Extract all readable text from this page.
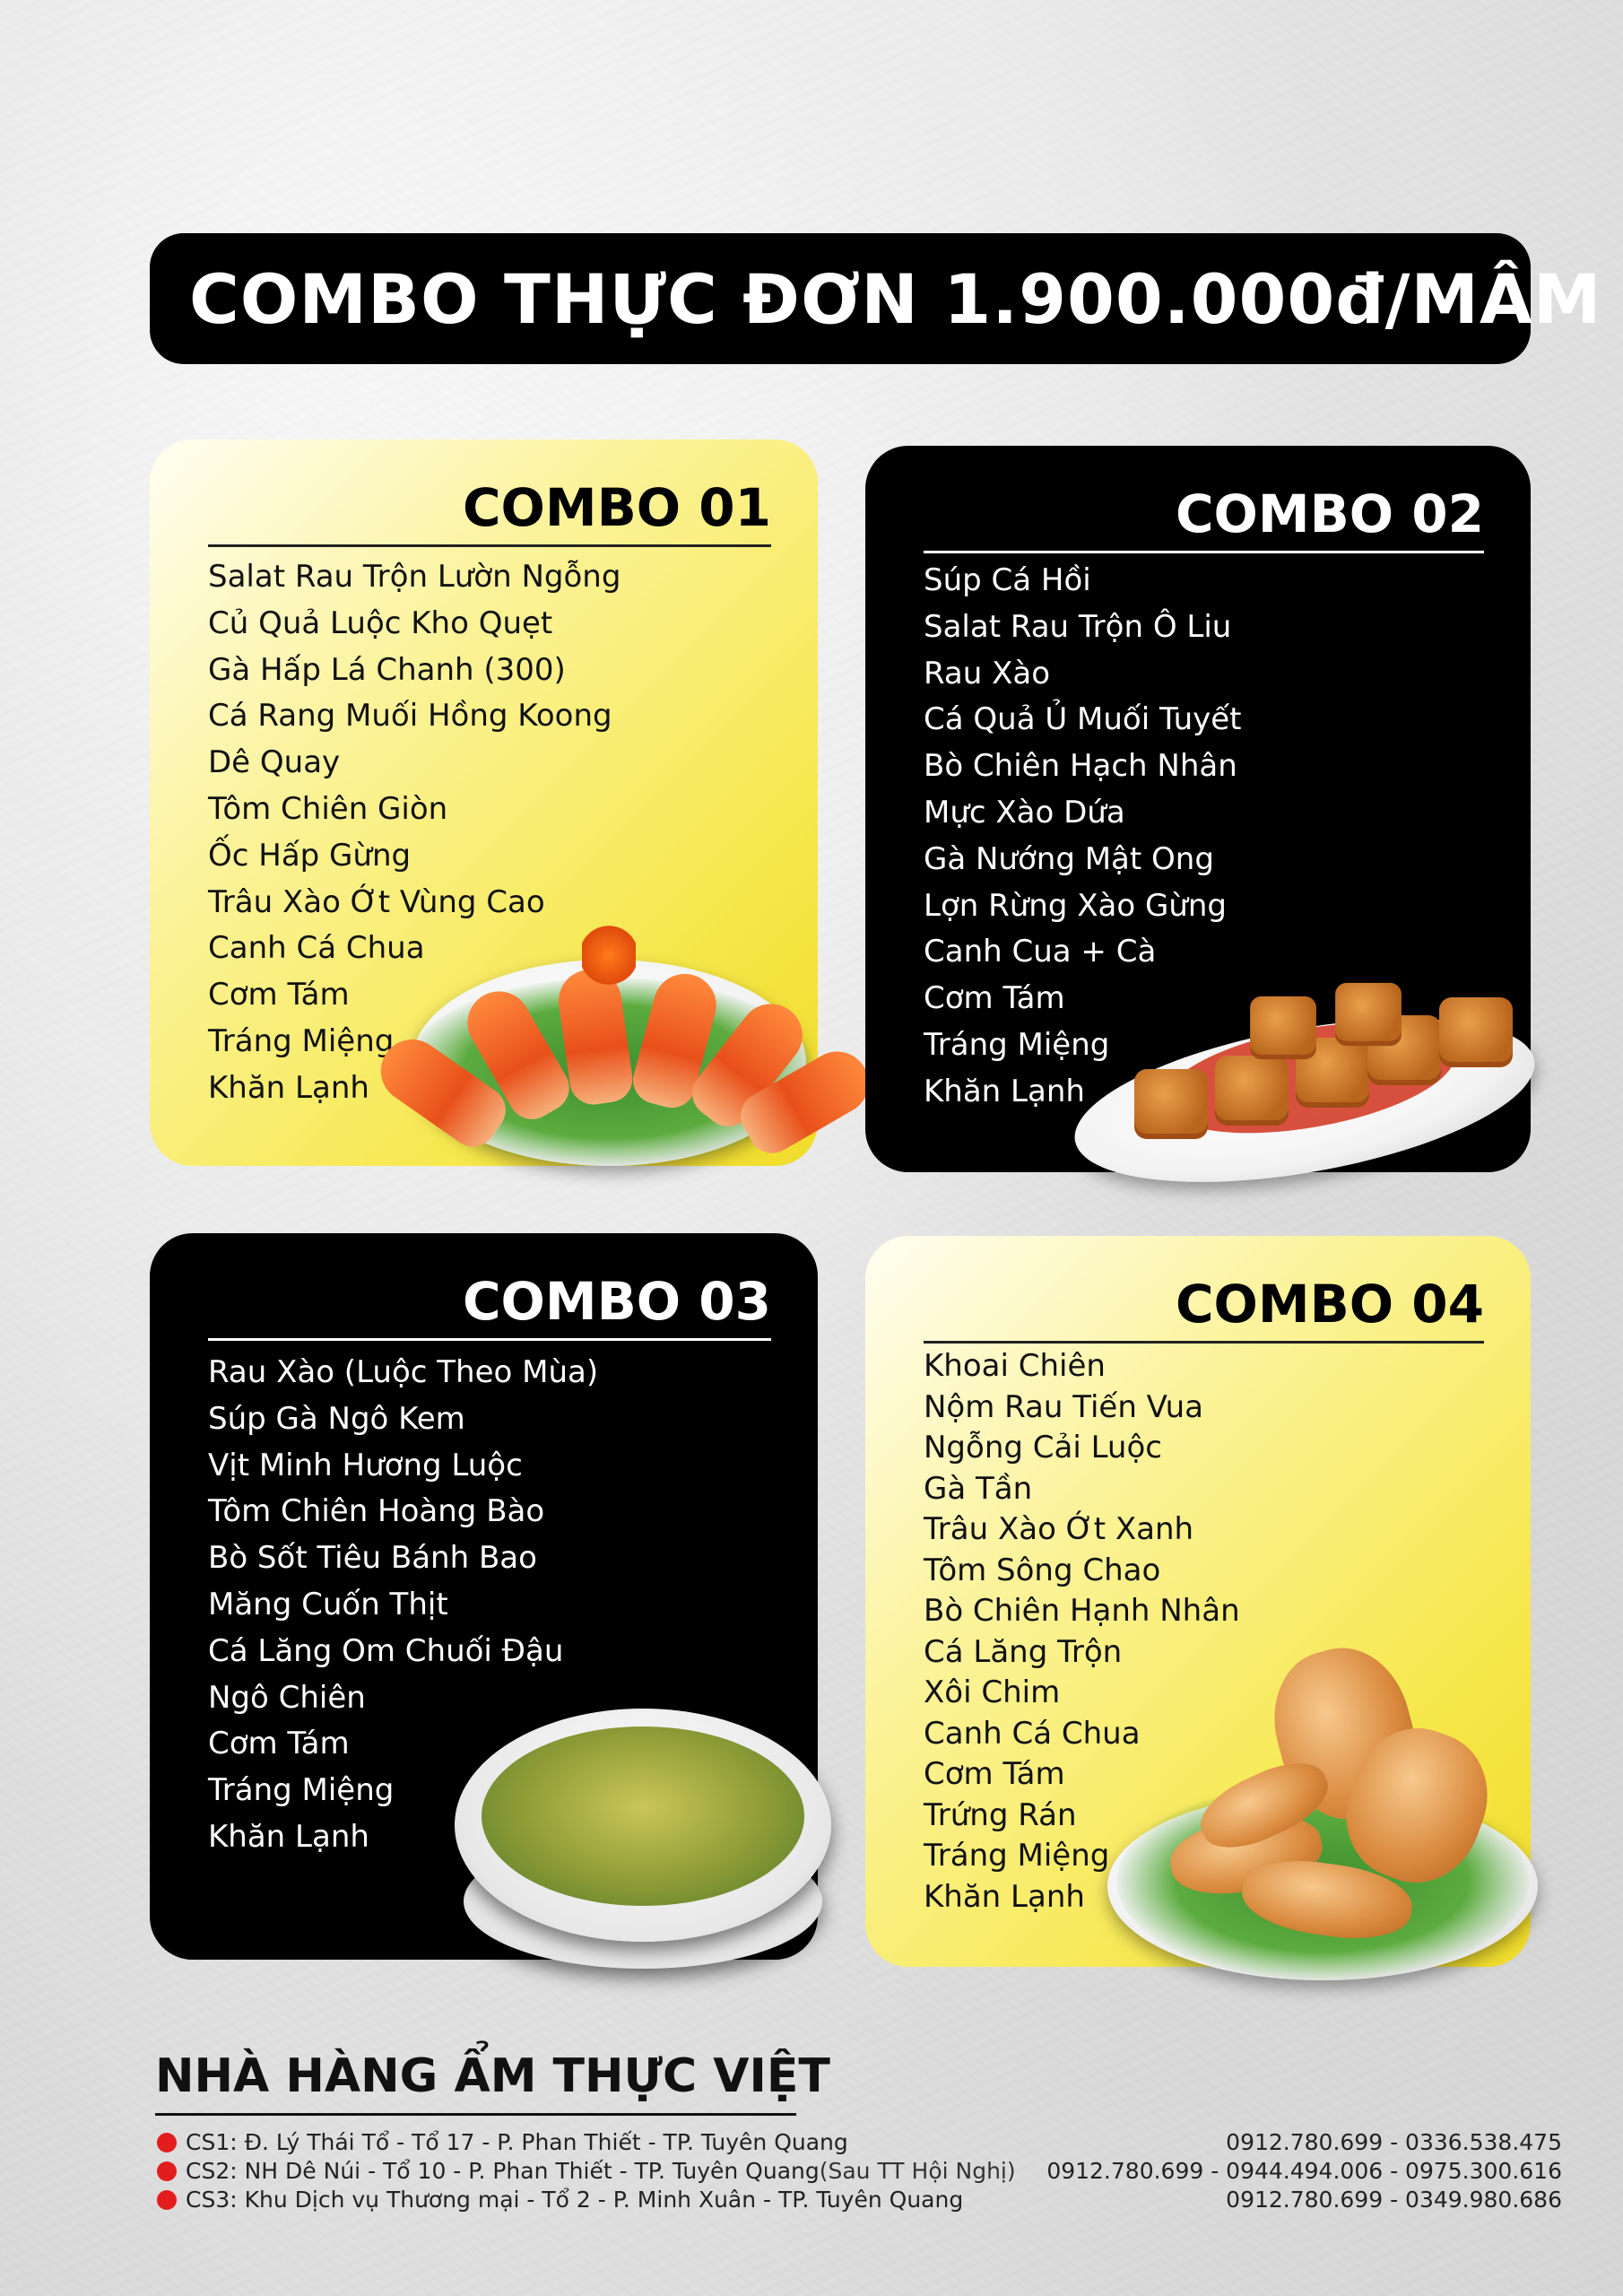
COMBO THỰC ĐƠN 1.900.000đ/MÂM
COMBO 01
Salat Rau Trộn Lườn Ngỗng
Củ Quả Luộc Kho Quẹt
Gà Hấp Lá Chanh (300)
Cá Rang Muối Hồng Koong
Dê Quay
Tôm Chiên Giòn
Ốc Hấp Gừng
Trâu Xào Ớt Vùng Cao
Canh Cá Chua
Cơm Tám
Tráng Miệng
Khăn Lạnh
COMBO 02
Súp Cá Hồi
Salat Rau Trộn Ô Liu
Rau Xào
Cá Quả Ủ Muối Tuyết
Bò Chiên Hạch Nhân
Mực Xào Dứa
Gà Nướng Mật Ong
Lợn Rừng Xào Gừng
Canh Cua + Cà
Cơm Tám
Tráng Miệng
Khăn Lạnh
COMBO 03
Rau Xào (Luộc Theo Mùa)
Súp Gà Ngô Kem
Vịt Minh Hương Luộc
Tôm Chiên Hoàng Bào
Bò Sốt Tiêu Bánh Bao
Măng Cuốn Thịt
Cá Lăng Om Chuối Đậu
Ngô Chiên
Cơm Tám
Tráng Miệng
Khăn Lạnh
COMBO 04
Khoai Chiên
Nộm Rau Tiến Vua
Ngỗng Cải Luộc
Gà Tần
Trâu Xào Ớt Xanh
Tôm Sông Chao
Bò Chiên Hạnh Nhân
Cá Lăng Trộn
Xôi Chim
Canh Cá Chua
Cơm Tám
Trứng Rán
Tráng Miệng
Khăn Lạnh
NHÀ HÀNG ẨM THỰC VIỆT
CS1: Đ. Lý Thái Tổ - Tổ 17 - P. Phan Thiết - TP. Tuyên Quang	0912.780.699 - 0336.538.475
CS2: NH Dê Núi - Tổ 10 - P. Phan Thiết - TP. Tuyên Quang (Sau TT Hội Nghị) 0912.780.699 - 0944.494.006 - 0975.300.616
CS3: Khu Dịch vụ Thương mại - Tổ 2 - P. Minh Xuân - TP. Tuyên Quang	0912.780.699 - 0349.980.686
